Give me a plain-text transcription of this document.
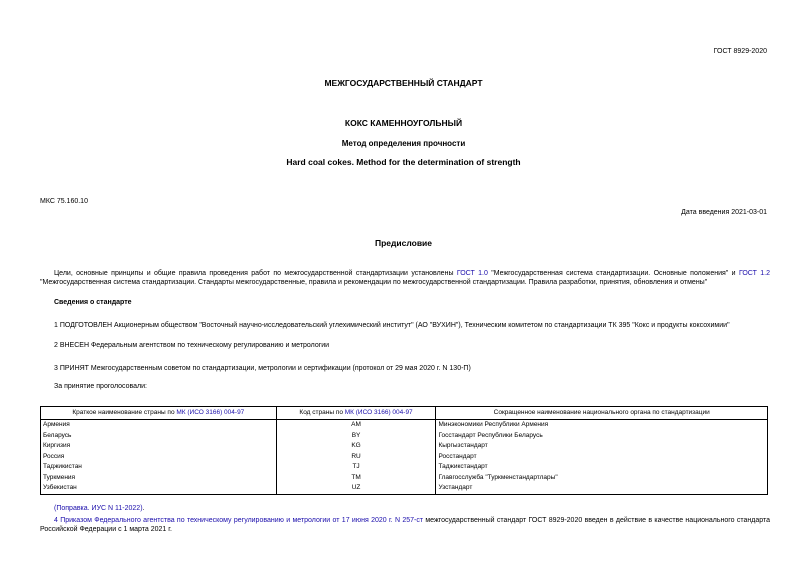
ГОСТ 8929-2020
МЕЖГОСУДАРСТВЕННЫЙ СТАНДАРТ
КОКС КАМЕННОУГОЛЬНЫЙ
Метод определения прочности
Hard coal cokes. Method for the determination of strength
МКС 75.160.10
Дата введения 2021-03-01
Предисловие
Цели, основные принципы и общие правила проведения работ по межгосударственной стандартизации установлены ГОСТ 1.0 "Межгосударственная система стандартизации. Основные положения" и ГОСТ 1.2 "Межгосударственная система стандартизации. Стандарты межгосударственные, правила и рекомендации по межгосударственной стандартизации. Правила разработки, принятия, обновления и отмены"
Сведения о стандарте
1 ПОДГОТОВЛЕН Акционерным обществом "Восточный научно-исследовательский углехимический институт" (АО "ВУХИН"), Техническим комитетом по стандартизации ТК 395 "Кокс и продукты коксохимии"
2 ВНЕСЕН Федеральным агентством по техническому регулированию и метрологии
3 ПРИНЯТ Межгосударственным советом по стандартизации, метрологии и сертификации (протокол от 29 мая 2020 г. N 130-П)
За принятие проголосовали:
Краткое наименование страны по МК (ИСО 3166) 004-97	Код страны по МК (ИСО 3166) 004-97	Сокращенное наименование национального органа по стандартизации
Армения	AM	Минэкономики Республики Армения
Беларусь	BY	Госстандарт Республики Беларусь
Киргизия	KG	Кыргызстандарт
Россия	RU	Росстандарт
Таджикистан	TJ	Таджикстандарт
Туркмения	TM	Главгосслужба "Туркменстандартлары"
Узбекистан	UZ	Узстандарт
(Поправка. ИУС N 11-2022).
4 Приказом Федерального агентства по техническому регулированию и метрологии от 17 июня 2020 г. N 257-ст межгосударственный стандарт ГОСТ 8929-2020 введен в действие в качестве национального стандарта Российской Федерации с 1 марта 2021 г.
